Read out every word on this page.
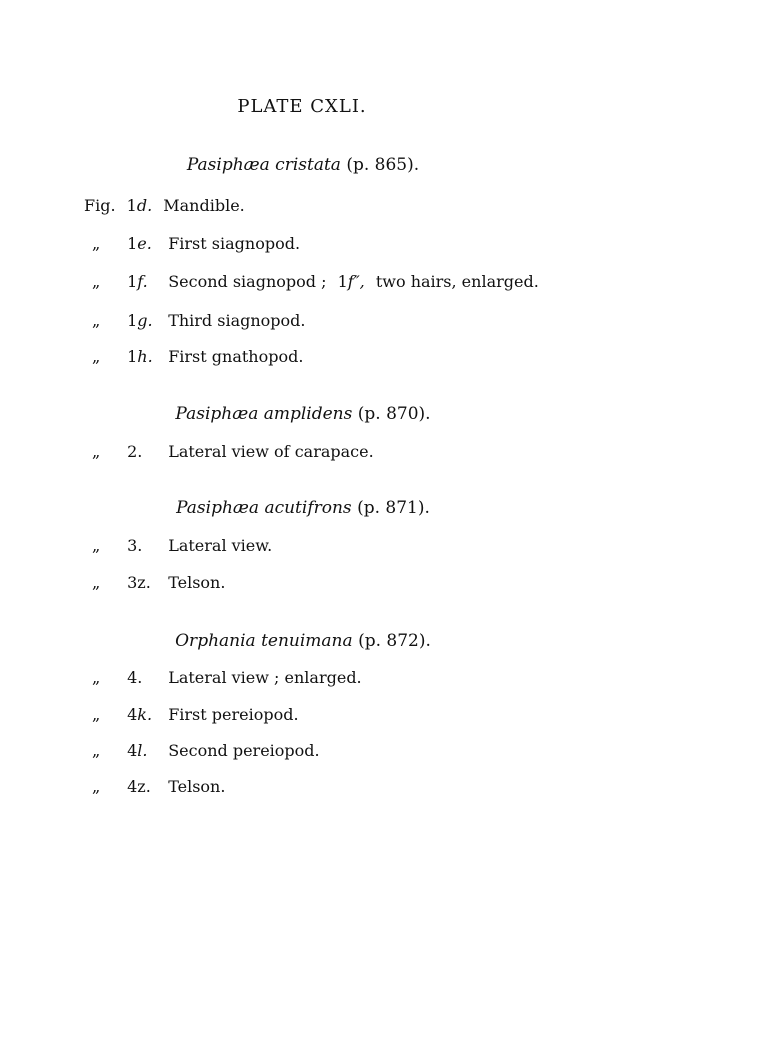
PLATE CXLI.
Pasiphæa cristata (p. 865).
Fig. 1d. Mandible.
„ 1e. First siagnopod.
„ 1f. Second siagnopod ; 1f″, two hairs, enlarged.
„ 1g. Third siagnopod.
„ 1h. First gnathopod.
Pasiphæa amplidens (p. 870).
„ 2. Lateral view of carapace.
Pasiphæa acutifrons (p. 871).
„ 3. Lateral view.
„ 3z. Telson.
Orphania tenuimana (p. 872).
„ 4. Lateral view ; enlarged.
„ 4k. First pereiopod.
„ 4l. Second pereiopod.
„ 4z. Telson.
